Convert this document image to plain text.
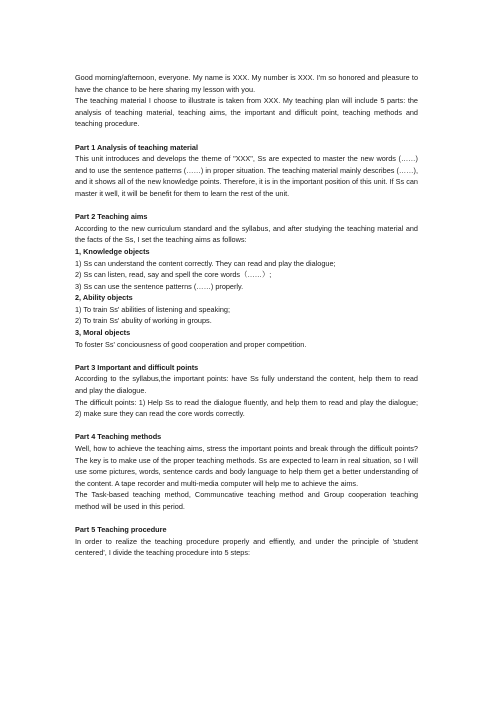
Good morning/afternoon, everyone. My name is XXX. My number is XXX. I'm so honored and pleasure to have the chance to be here sharing my lesson with you.

The teaching material I choose to illustrate is taken from XXX. My teaching plan will include 5 parts: the analysis of teaching material, teaching aims, the important and difficult point, teaching methods and teaching procedure.

Part 1 Analysis of teaching material

This unit introduces and develops the theme of "XXX", Ss are expected to master the new words (……) and to use the sentence patterns (……) in proper situation. The teaching material mainly describes (……), and it shows all of the new knowledge points. Therefore, it is in the important position of this unit. If Ss can master it well, it will be benefit for them to learn the rest of the unit.

Part 2 Teaching aims

According to the new curriculum standard and the syllabus, and after studying the teaching material and the facts of the Ss, I set the teaching aims as follows:

1, Knowledge objects

1) Ss can understand the content correctly. They can read and play the dialogue;

2) Ss can listen, read, say and spell the core words（……）;

3) Ss can use the sentence patterns (……) properly.

2, Ability objects

1) To train Ss' abilities of listening and speaking;

2) To train Ss' abulity of working in groups.

3, Moral objects

To foster Ss' conciousness of good cooperation and proper competition.

Part 3 Important and difficult points

According to the syllabus,the important points: have Ss fully understand the content, help them to read and play the dialogue.

The difficult points: 1) Help Ss to read the dialogue fluently, and help them to read and play the dialogue; 2) make sure they can read the core words correctly.

Part 4 Teaching methods

Well, how to achieve the teaching aims, stress the important points and break through the difficult points? The key is to make use of the proper teaching methods. Ss are expected to learn in real situation, so I will use some pictures, words, sentence cards and body language to help them get a better understanding of the content. A tape recorder and multi-media computer will help me to achieve the aims.

The Task-based teaching method, Communcative teaching method and Group cooperation teaching method will be used in this period.

Part 5 Teaching procedure

In order to realize the teaching procedure properly and effiently, and under the principle of 'student centered', I divide the teaching procedure into 5 steps:
